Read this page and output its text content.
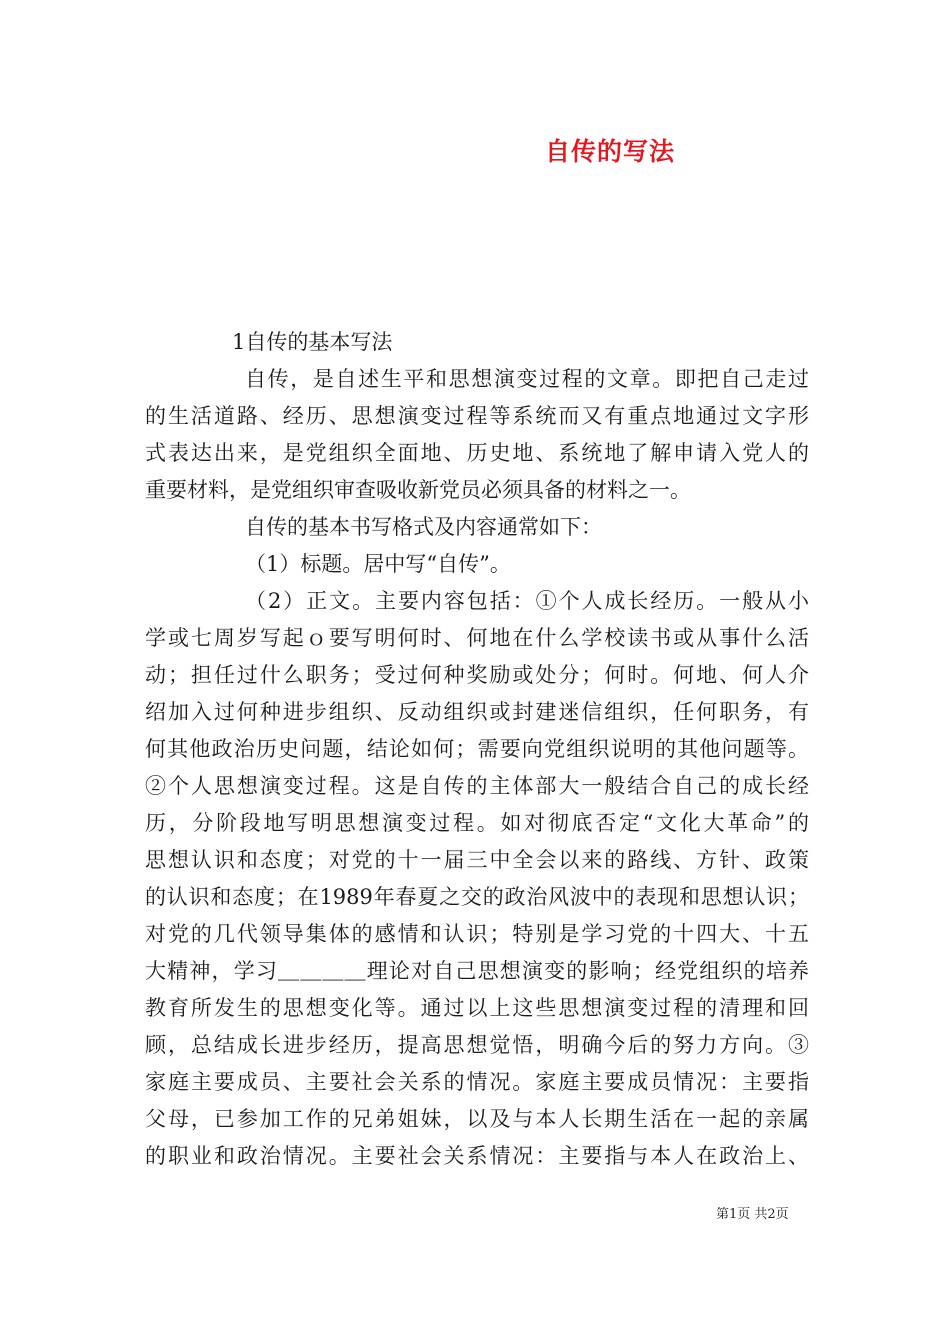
自传的写法
1自传的基本写法
自传，是自述生平和思想演变过程的文章。即把自己走过
的生活道路、经历、思想演变过程等系统而又有重点地通过文字形
式表达出来，是党组织全面地、历史地、系统地了解申请入党人的
重要材料，是党组织审查吸收新党员必须具备的材料之一。
自传的基本书写格式及内容通常如下：
（1）标题。居中写“自传”。
（2）正文。主要内容包括：①个人成长经历。一般从小
学或七周岁写起ｏ要写明何时、何地在什么学校读书或从事什么活
动；担任过什么职务；受过何种奖励或处分；何时。何地、何人介
绍加入过何种进步组织、反动组织或封建迷信组织，任何职务，有
何其他政治历史问题，结论如何；需要向党组织说明的其他问题等。
②个人思想演变过程。这是自传的主体部大一般结合自己的成长经
历，分阶段地写明思想演变过程。如对彻底否定“文化大革命”的
思想认识和态度；对党的十一届三中全会以来的路线、方针、政策
的认识和态度；在1989年春夏之交的政治风波中的表现和思想认识；
对党的几代领导集体的感情和认识；特别是学习党的十四大、十五
大精神，学习＿＿＿＿理论对自己思想演变的影响；经党组织的培养
教育所发生的思想变化等。通过以上这些思想演变过程的清理和回
顾，总结成长进步经历，提高思想觉悟，明确今后的努力方向。③
家庭主要成员、主要社会关系的情况。家庭主要成员情况：主要指
父母，已参加工作的兄弟姐妹，以及与本人长期生活在一起的亲属
的职业和政治情况。主要社会关系情况：主要指与本人在政治上、
第1页 共2页
